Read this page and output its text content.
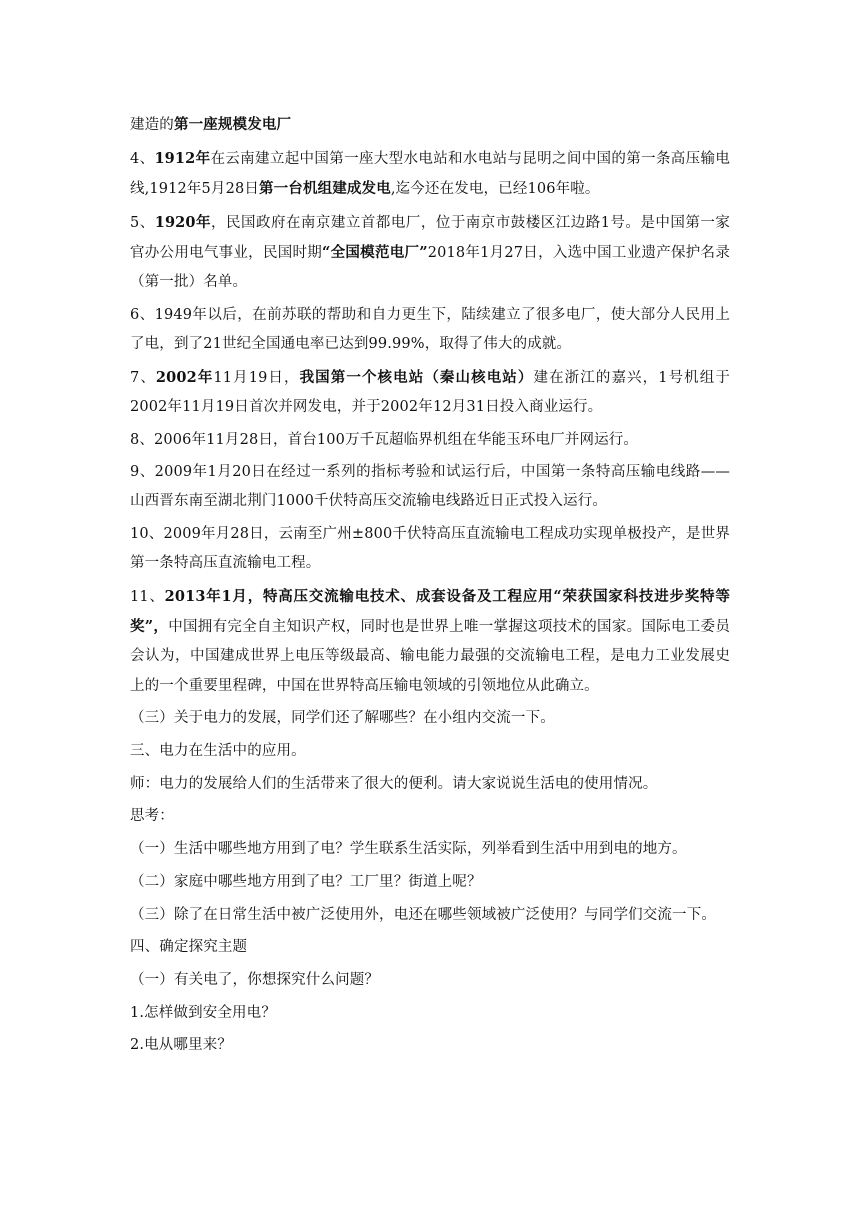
建造的第一座规模发电厂

4、1912年在云南建立起中国第一座大型水电站和水电站与昆明之间中国的第一条高压输电线,1912年5月28日第一台机组建成发电,迄今还在发电，已经106年啦。

5、1920年，民国政府在南京建立首都电厂，位于南京市鼓楼区江边路1号。是中国第一家官办公用电气事业，民国时期“全国模范电厂”2018年1月27日，入选中国工业遗产保护名录（第一批）名单。

6、1949年以后，在前苏联的帮助和自力更生下，陆续建立了很多电厂，使大部分人民用上了电，到了21世纪全国通电率已达到99.99%，取得了伟大的成就。

7、2002年11月19日，我国第一个核电站（秦山核电站）建在浙江的嘉兴，1号机组于2002年11月19日首次并网发电，并于2002年12月31日投入商业运行。

8、2006年11月28日，首台100万千瓦超临界机组在华能玉环电厂并网运行。

9、2009年1月20日在经过一系列的指标考验和试运行后，中国第一条特高压输电线路——山西晋东南至湖北荆门1000千伏特高压交流输电线路近日正式投入运行。

10、2009年月28日，云南至广州±800千伏特高压直流输电工程成功实现单极投产，是世界第一条特高压直流输电工程。

11、2013年1月，特高压交流输电技术、成套设备及工程应用“荣获国家科技进步奖特等奖”，中国拥有完全自主知识产权，同时也是世界上唯一掌握这项技术的国家。国际电工委员会认为，中国建成世界上电压等级最高、输电能力最强的交流输电工程，是电力工业发展史上的一个重要里程碑，中国在世界特高压输电领域的引领地位从此确立。

（三）关于电力的发展，同学们还了解哪些？在小组内交流一下。

三、电力在生活中的应用。

师：电力的发展给人们的生活带来了很大的便利。请大家说说生活电的使用情况。

思考：

（一）生活中哪些地方用到了电？学生联系生活实际，列举看到生活中用到电的地方。

（二）家庭中哪些地方用到了电？工厂里？街道上呢？

（三）除了在日常生活中被广泛使用外，电还在哪些领域被广泛使用？与同学们交流一下。

四、确定探究主题

（一）有关电了，你想探究什么问题？

1.怎样做到安全用电？

2.电从哪里来？
